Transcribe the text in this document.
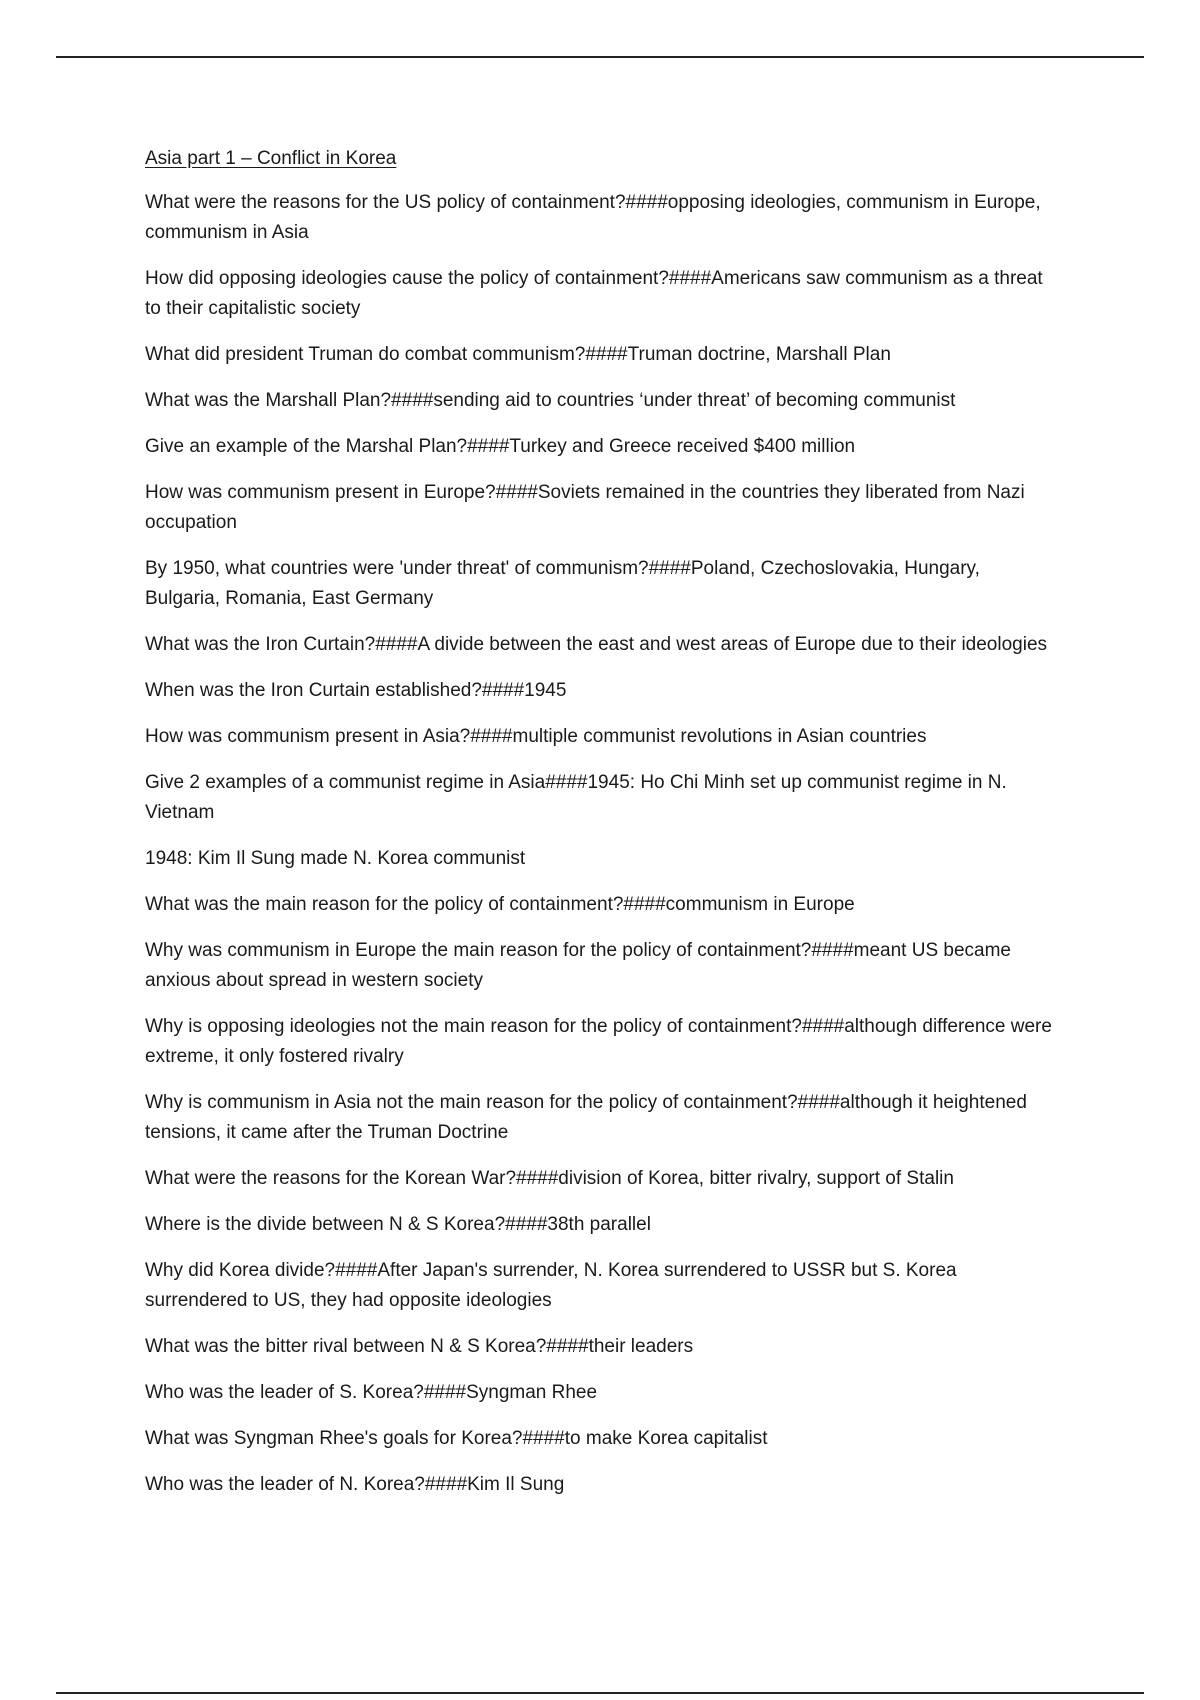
Asia part 1 – Conflict in Korea

What were the reasons for the US policy of containment?####opposing ideologies, communism in Europe, communism in Asia

How did opposing ideologies cause the policy of containment?####Americans saw communism as a threat to their capitalistic society

What did president Truman do combat communism?####Truman doctrine, Marshall Plan

What was the Marshall Plan?####sending aid to countries ‘under threat’ of becoming communist

Give an example of the Marshal Plan?####Turkey and Greece received $400 million

How was communism present in Europe?####Soviets remained in the countries they liberated from Nazi occupation

By 1950, what countries were 'under threat' of communism?####Poland, Czechoslovakia, Hungary, Bulgaria, Romania, East Germany

What was the Iron Curtain?####A divide between the east and west areas of Europe due to their ideologies

When was the Iron Curtain established?####1945

How was communism present in Asia?####multiple communist revolutions in Asian countries

Give 2 examples of a communist regime in Asia####1945: Ho Chi Minh set up communist regime in N. Vietnam

1948: Kim Il Sung made N. Korea communist

What was the main reason for the policy of containment?####communism in Europe

Why was communism in Europe the main reason for the policy of containment?####meant US became anxious about spread in western society

Why is opposing ideologies not the main reason for the policy of containment?####although difference were extreme, it only fostered rivalry

Why is communism in Asia not the main reason for the policy of containment?####although it heightened tensions, it came after the Truman Doctrine

What were the reasons for the Korean War?####division of Korea, bitter rivalry, support of Stalin

Where is the divide between N & S Korea?####38th parallel

Why did Korea divide?####After Japan's surrender, N. Korea surrendered to USSR but S. Korea surrendered to US, they had opposite ideologies

What was the bitter rival between N & S Korea?####their leaders

Who was the leader of S. Korea?####Syngman Rhee

What was Syngman Rhee's goals for Korea?####to make Korea capitalist

Who was the leader of N. Korea?####Kim Il Sung
